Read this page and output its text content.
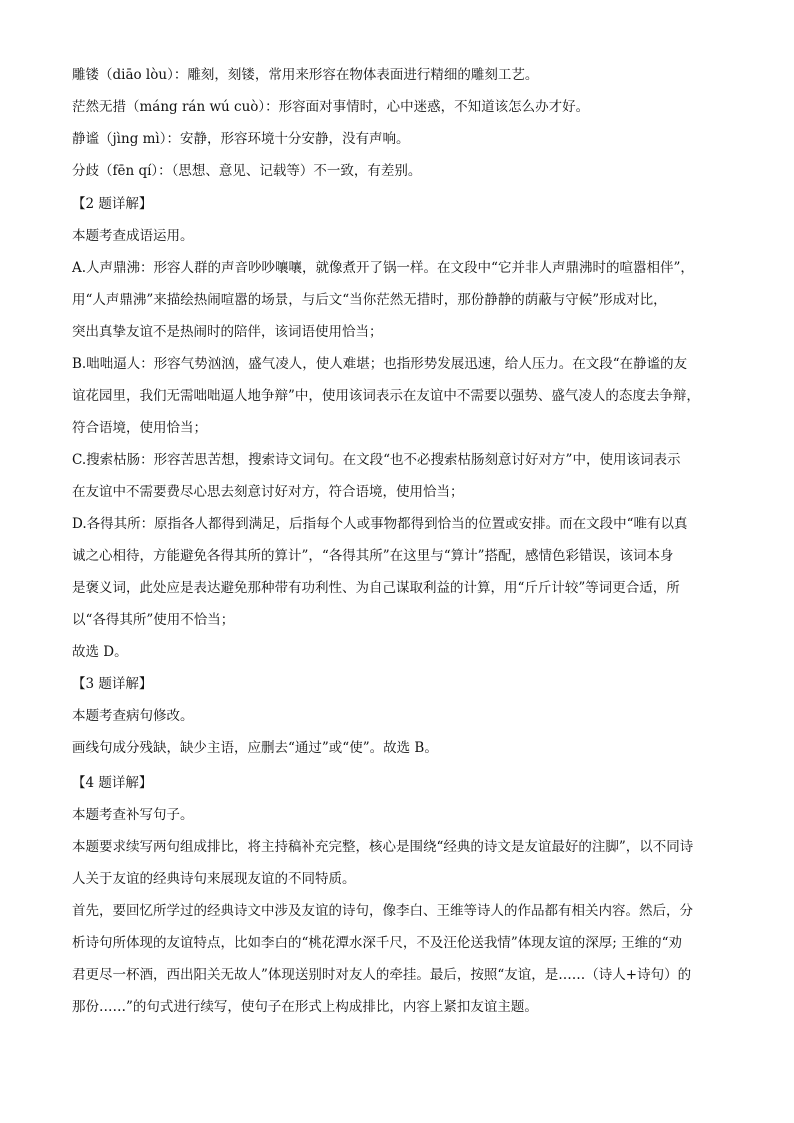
雕镂（diāo lòu）：雕刻，刻镂，常用来形容在物体表面进行精细的雕刻工艺。
茫然无措（máng rán wú cuò）：形容面对事情时，心中迷惑，不知道该怎么办才好。
静谧（jìng mì）：安静，形容环境十分安静，没有声响。
分歧（fēn qí）：（思想、意见、记载等）不一致，有差别。
【2 题详解】
本题考查成语运用。
A.人声鼎沸：形容人群的声音吵吵嚷嚷，就像煮开了锅一样。在文段中“它并非人声鼎沸时的喧嚣相伴”，
用“人声鼎沸”来描绘热闹喧嚣的场景，与后文“当你茫然无措时，那份静静的荫蔽与守候”形成对比，
突出真挚友谊不是热闹时的陪伴，该词语使用恰当；
B.咄咄逼人：形容气势汹汹，盛气凌人，使人难堪；也指形势发展迅速，给人压力。在文段“在静谧的友
谊花园里，我们无需咄咄逼人地争辩”中，使用该词表示在友谊中不需要以强势、盛气凌人的态度去争辩，
符合语境，使用恰当；
C.搜索枯肠：形容苦思苦想，搜索诗文词句。在文段“也不必搜索枯肠刻意讨好对方”中，使用该词表示
在友谊中不需要费尽心思去刻意讨好对方，符合语境，使用恰当；
D.各得其所：原指各人都得到满足，后指每个人或事物都得到恰当的位置或安排。而在文段中“唯有以真
诚之心相待，方能避免各得其所的算计”，“各得其所”在这里与“算计”搭配，感情色彩错误，该词本身
是褒义词，此处应是表达避免那种带有功利性、为自己谋取利益的计算，用“斤斤计较”等词更合适，所
以“各得其所”使用不恰当；
故选 D。
【3 题详解】
本题考查病句修改。
画线句成分残缺，缺少主语，应删去“通过”或“使”。故选 B。
【4 题详解】
本题考查补写句子。
本题要求续写两句组成排比，将主持稿补充完整，核心是围绕“经典的诗文是友谊最好的注脚”，以不同诗
人关于友谊的经典诗句来展现友谊的不同特质。
首先，要回忆所学过的经典诗文中涉及友谊的诗句，像李白、王维等诗人的作品都有相关内容。然后，分
析诗句所体现的友谊特点，比如李白的“桃花潭水深千尺，不及汪伦送我情”体现友谊的深厚; 王维的“劝
君更尽一杯酒，西出阳关无故人”体现送别时对友人的牵挂。最后，按照“友谊，是……（诗人+诗句）的
那份……”的句式进行续写，使句子在形式上构成排比，内容上紧扣友谊主题。
